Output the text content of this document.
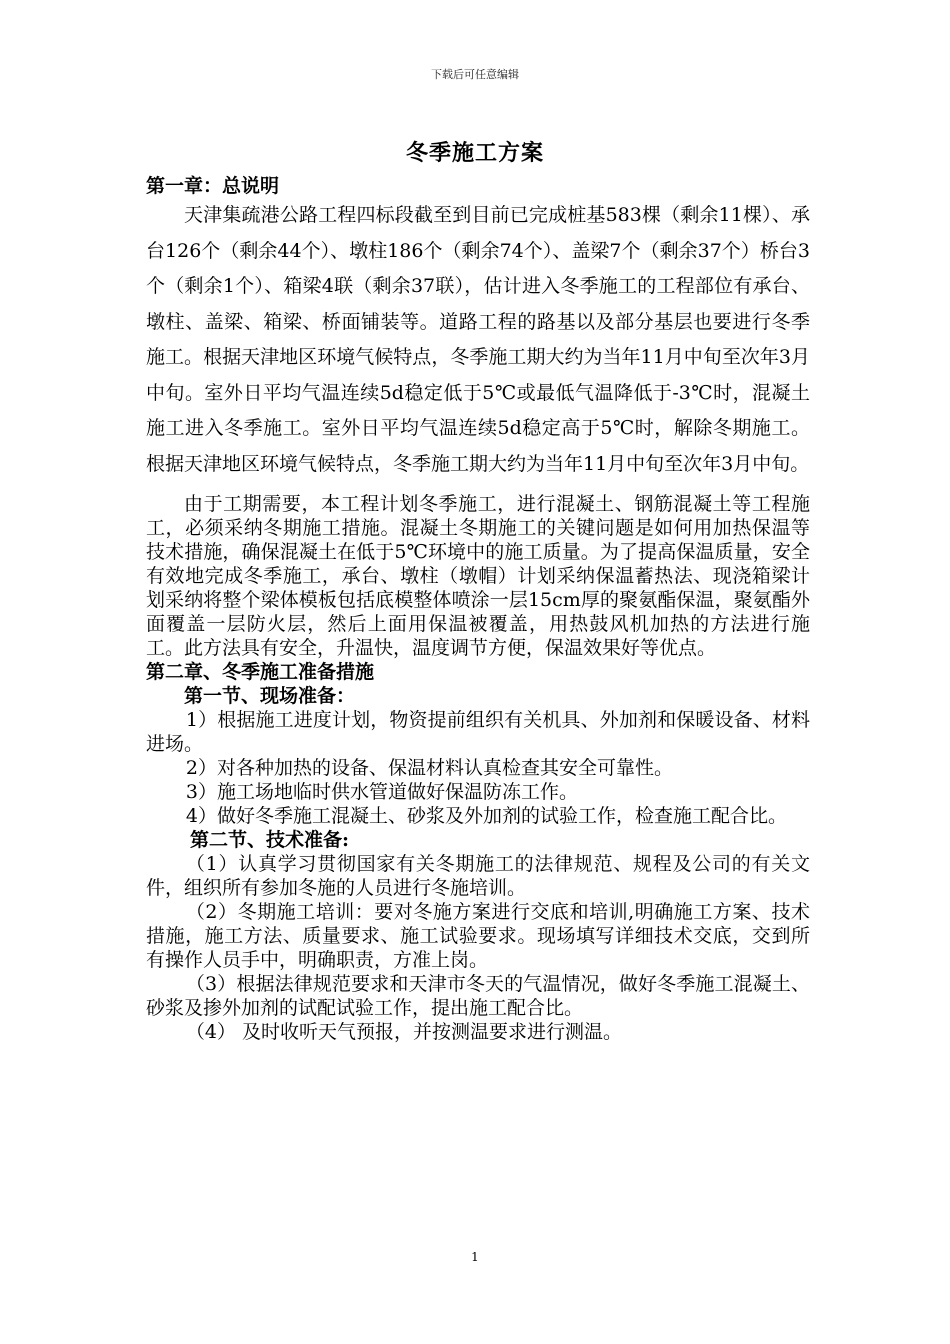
下载后可任意编辑
冬季施工方案

第一章：总说明

天津集疏港公路工程四标段截至到目前已完成桩基583棵（剩余11棵）、承台126个（剩余44个）、墩柱186个（剩余74个）、盖梁7个（剩余37个）桥台3个（剩余1个）、箱梁4联（剩余37联），估计进入冬季施工的工程部位有承台、墩柱、盖梁、箱梁、桥面铺装等。道路工程的路基以及部分基层也要进行冬季施工。根据天津地区环境气候特点，冬季施工期大约为当年11月中旬至次年3月中旬。室外日平均气温连续5d稳定低于5℃或最低气温降低于-3℃时，混凝土施工进入冬季施工。室外日平均气温连续5d稳定高于5℃时，解除冬期施工。根据天津地区环境气候特点，冬季施工期大约为当年11月中旬至次年3月中旬。

由于工期需要，本工程计划冬季施工，进行混凝土、钢筋混凝土等工程施工，必须采纳冬期施工措施。混凝土冬期施工的关键问题是如何用加热保温等技术措施，确保混凝土在低于5℃环境中的施工质量。为了提高保温质量，安全有效地完成冬季施工，承台、墩柱（墩帽）计划采纳保温蓄热法、现浇箱梁计划采纳将整个梁体模板包括底模整体喷涂一层15cm厚的聚氨酯保温，聚氨酯外面覆盖一层防火层，然后上面用保温被覆盖，用热鼓风机加热的方法进行施工。此方法具有安全，升温快，温度调节方便，保温效果好等优点。

第二章、冬季施工准备措施

第一节、现场准备：

1）根据施工进度计划，物资提前组织有关机具、外加剂和保暖设备、材料进场。

2）对各种加热的设备、保温材料认真检查其安全可靠性。

3）施工场地临时供水管道做好保温防冻工作。

4）做好冬季施工混凝土、砂浆及外加剂的试验工作，检查施工配合比。

第二节、技术准备:

（1）认真学习贯彻国家有关冬期施工的法律规范、规程及公司的有关文件，组织所有参加冬施的人员进行冬施培训。

（2）冬期施工培训：要对冬施方案进行交底和培训,明确施工方案、技术措施，施工方法、质量要求、施工试验要求。现场填写详细技术交底，交到所有操作人员手中，明确职责，方准上岗。

（3）根据法律规范要求和天津市冬天的气温情况，做好冬季施工混凝土、砂浆及掺外加剂的试配试验工作，提出施工配合比。

（4） 及时收听天气预报，并按测温要求进行测温。

1
